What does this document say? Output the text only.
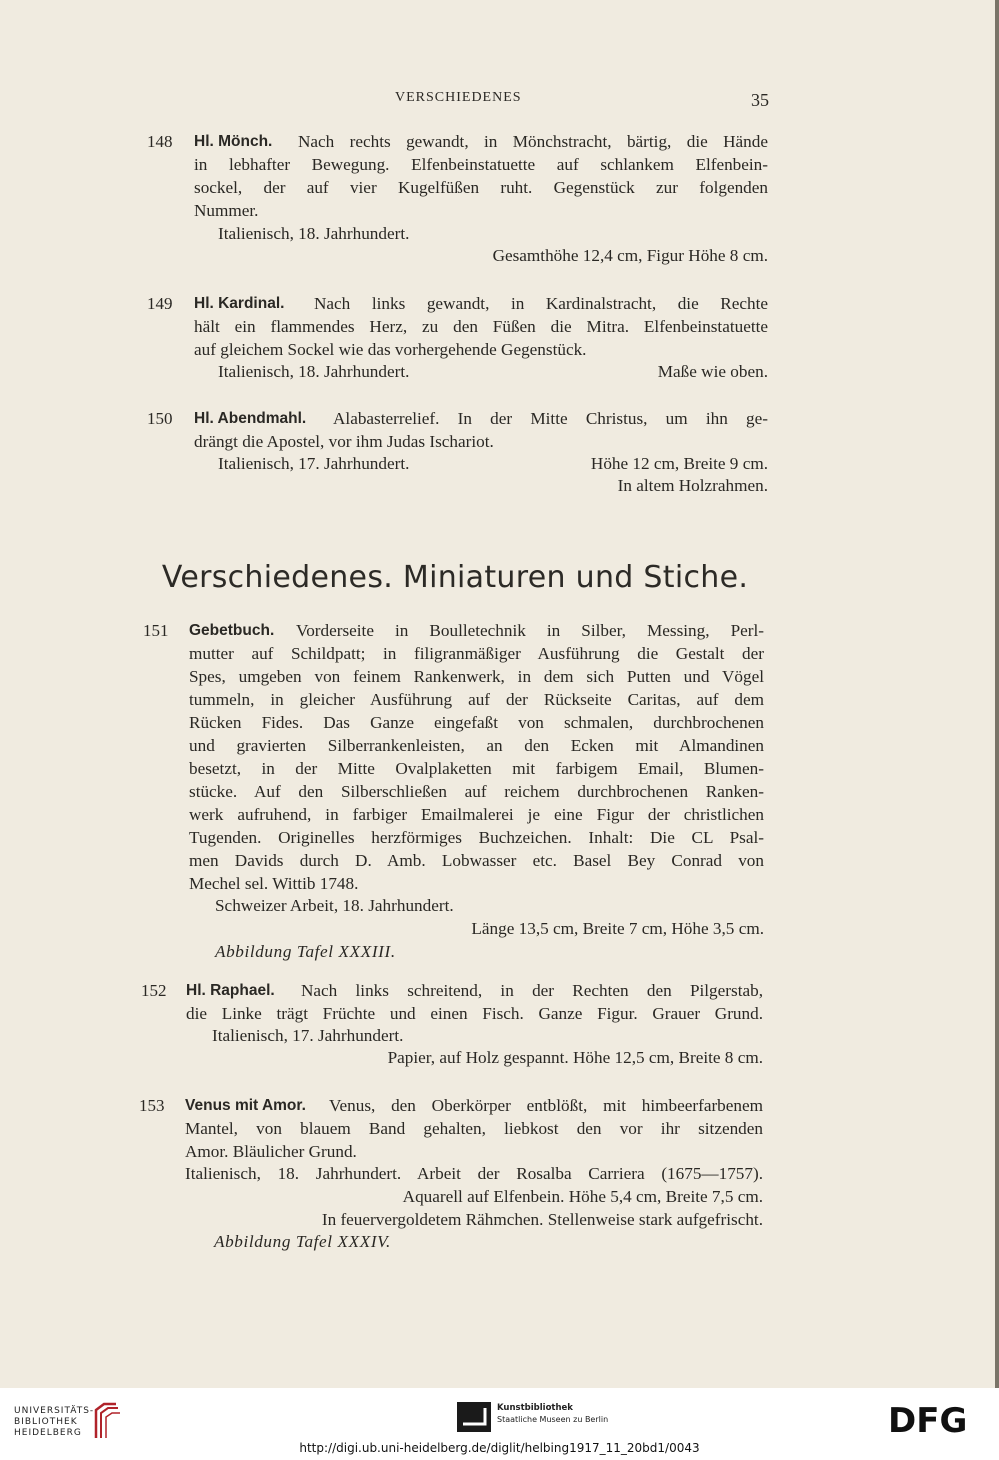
VERSCHIEDENES	35
148 Hl. Mönch. Nach rechts gewandt, in Mönchstracht, bärtig, die Hände
in lebhafter Bewegung. Elfenbeinstatuette auf schlankem Elfenbein-
sockel, der auf vier Kugelfüßen ruht. Gegenstück zur folgenden
Nummer.
Italienisch, 18. Jahrhundert.
Gesamthöhe 12,4 cm, Figur Höhe 8 cm.
149 Hl. Kardinal. Nach links gewandt, in Kardinalstracht, die Rechte
hält ein flammendes Herz, zu den Füßen die Mitra. Elfenbeinstatuette
auf gleichem Sockel wie das vorhergehende Gegenstück.
Italienisch, 18. Jahrhundert.	Maße wie oben.
150 Hl. Abendmahl. Alabasterrelief. In der Mitte Christus, um ihn ge-
drängt die Apostel, vor ihm Judas Ischariot.
Italienisch, 17. Jahrhundert.	Höhe 12 cm, Breite 9 cm.
In altem Holzrahmen.
Verschiedenes. Miniaturen und Stiche.
151 Gebetbuch. Vorderseite in Boulletechnik in Silber, Messing, Perl-
mutter auf Schildpatt; in filigranmäßiger Ausführung die Gestalt der
Spes, umgeben von feinem Rankenwerk, in dem sich Putten und Vögel
tummeln, in gleicher Ausführung auf der Rückseite Caritas, auf dem
Rücken Fides. Das Ganze eingefaßt von schmalen, durchbrochenen
und gravierten Silberrankenleisten, an den Ecken mit Almandinen
besetzt, in der Mitte Ovalplaketten mit farbigem Email, Blumen-
stücke. Auf den Silberschließen auf reichem durchbrochenen Ranken-
werk aufruhend, in farbiger Emailmalerei je eine Figur der christlichen
Tugenden. Originelles herzförmiges Buchzeichen. Inhalt: Die CL Psal-
men Davids durch D. Amb. Lobwasser etc. Basel Bey Conrad von
Mechel sel. Wittib 1748.
Schweizer Arbeit, 18. Jahrhundert.
Länge 13,5 cm, Breite 7 cm, Höhe 3,5 cm.
Abbildung Tafel XXXIII.
152 Hl. Raphael. Nach links schreitend, in der Rechten den Pilgerstab,
die Linke trägt Früchte und einen Fisch. Ganze Figur. Grauer Grund.
Italienisch, 17. Jahrhundert.
Papier, auf Holz gespannt. Höhe 12,5 cm, Breite 8 cm.
153 Venus mit Amor. Venus, den Oberkörper entblößt, mit himbeerfarbenem
Mantel, von blauem Band gehalten, liebkost den vor ihr sitzenden
Amor. Bläulicher Grund.
Italienisch, 18. Jahrhundert. Arbeit der Rosalba Carriera (1675—1757).
Aquarell auf Elfenbein. Höhe 5,4 cm, Breite 7,5 cm.
In feuervergoldetem Rähmchen. Stellenweise stark aufgefrischt.
Abbildung Tafel XXXIV.
UNIVERSITÄTS-
BIBLIOTHEK
HEIDELBERG
Kunstbibliothek
Staatliche Museen zu Berlin	DFG
http://digi.ub.uni-heidelberg.de/diglit/helbing1917_11_20bd1/0043
